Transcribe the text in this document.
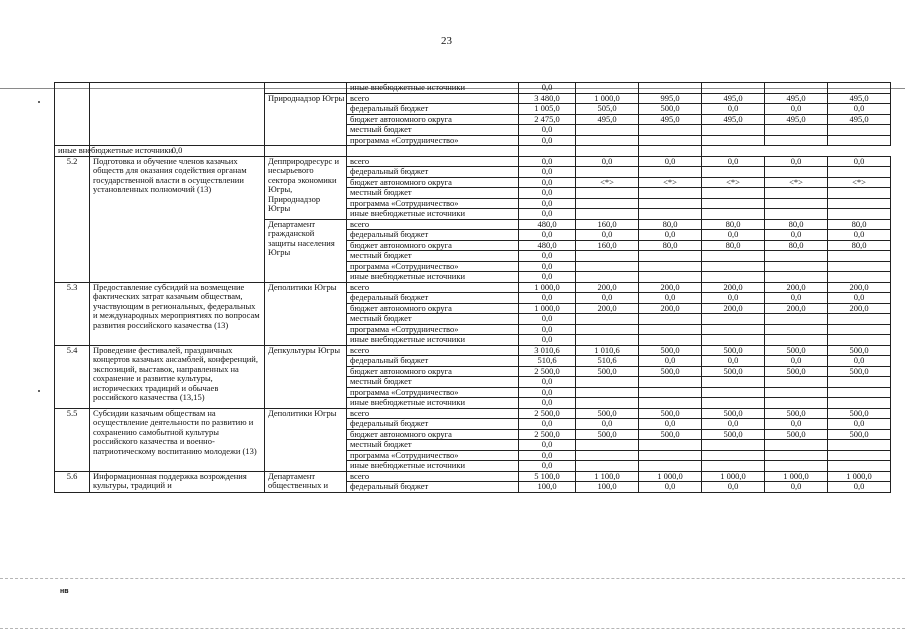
23
			иные внебюджетные источники	0,0					
		Природнадзор Югры	всего	3 480,0	1 000,0	995,0	495,0	495,0	495,0
			федеральный бюджет	1 005,0	505,0	500,0	0,0	0,0	0,0
			бюджет автономного округа	2 475,0	495,0	495,0	495,0	495,0	495,0
			местный бюджет	0,0					
			программа «Сотрудничество»	0,0					
иные внебюджетные источники	0,0								
5.2	Подготовка и обучение членов казачьих обществ для оказания содействия органам государственной власти в осуществлении установленных полномочий (13)	Депприродресурс и несырьевого сектора экономики Югры, Природнадзор Югры	всего	0,0	0,0	0,0	0,0	0,0	0,0
			федеральный бюджет	0,0					
			бюджет автономного округа	0,0	<*>	<*>	<*>	<*>	<*>
			местный бюджет	0,0					
			программа «Сотрудничество»	0,0					
			иные внебюджетные источники	0,0					
		Департамент гражданской защиты населения Югры	всего	480,0	160,0	80,0	80,0	80,0	80,0
			федеральный бюджет	0,0	0,0	0,0	0,0	0,0	0,0
			бюджет автономного округа	480,0	160,0	80,0	80,0	80,0	80,0
			местный бюджет	0,0					
			программа «Сотрудничество»	0,0					
			иные внебюджетные источники	0,0					
5.3	Предоставление субсидий на возмещение фактических затрат казачьим обществам, участвующим в региональных, федеральных и международных мероприятиях по вопросам развития российского казачества (13)	Деполитики Югры	всего	1 000,0	200,0	200,0	200,0	200,0	200,0
			федеральный бюджет	0,0	0,0	0,0	0,0	0,0	0,0
			бюджет автономного округа	1 000,0	200,0	200,0	200,0	200,0	200,0
			местный бюджет	0,0					
			программа «Сотрудничество»	0,0					
			иные внебюджетные источники	0,0					
5.4	Проведение фестивалей, праздничных концертов казачьих ансамблей, конференций, экспозиций, выставок, направленных на сохранение и развитие культуры, исторических традиций и обычаев российского казачества (13,15)	Депкультуры Югры	всего	3 010,6	1 010,6	500,0	500,0	500,0	500,0
			федеральный бюджет	510,6	510,6	0,0	0,0	0,0	0,0
			бюджет автономного округа	2 500,0	500,0	500,0	500,0	500,0	500,0
			местный бюджет	0,0					
			программа «Сотрудничество»	0,0					
			иные внебюджетные источники	0,0					
5.5	Субсидии казачьим обществам на осуществление деятельности по развитию и сохранению самобытной культуры российского казачества и военно-патриотическому воспитанию молодежи (13)	Деполитики Югры	всего	2 500,0	500,0	500,0	500,0	500,0	500,0
			федеральный бюджет	0,0	0,0	0,0	0,0	0,0	0,0
			бюджет автономного округа	2 500,0	500,0	500,0	500,0	500,0	500,0
			местный бюджет	0,0					
			программа «Сотрудничество»	0,0					
			иные внебюджетные источники	0,0					
5.6	Информационная поддержка возрождения культуры, традиций и	Департамент общественных и	всего	5 100,0	1 100,0	1 000,0	1 000,0	1 000,0	1 000,0
			федеральный бюджет	100,0	100,0	0,0	0,0	0,0	0,0
нв
